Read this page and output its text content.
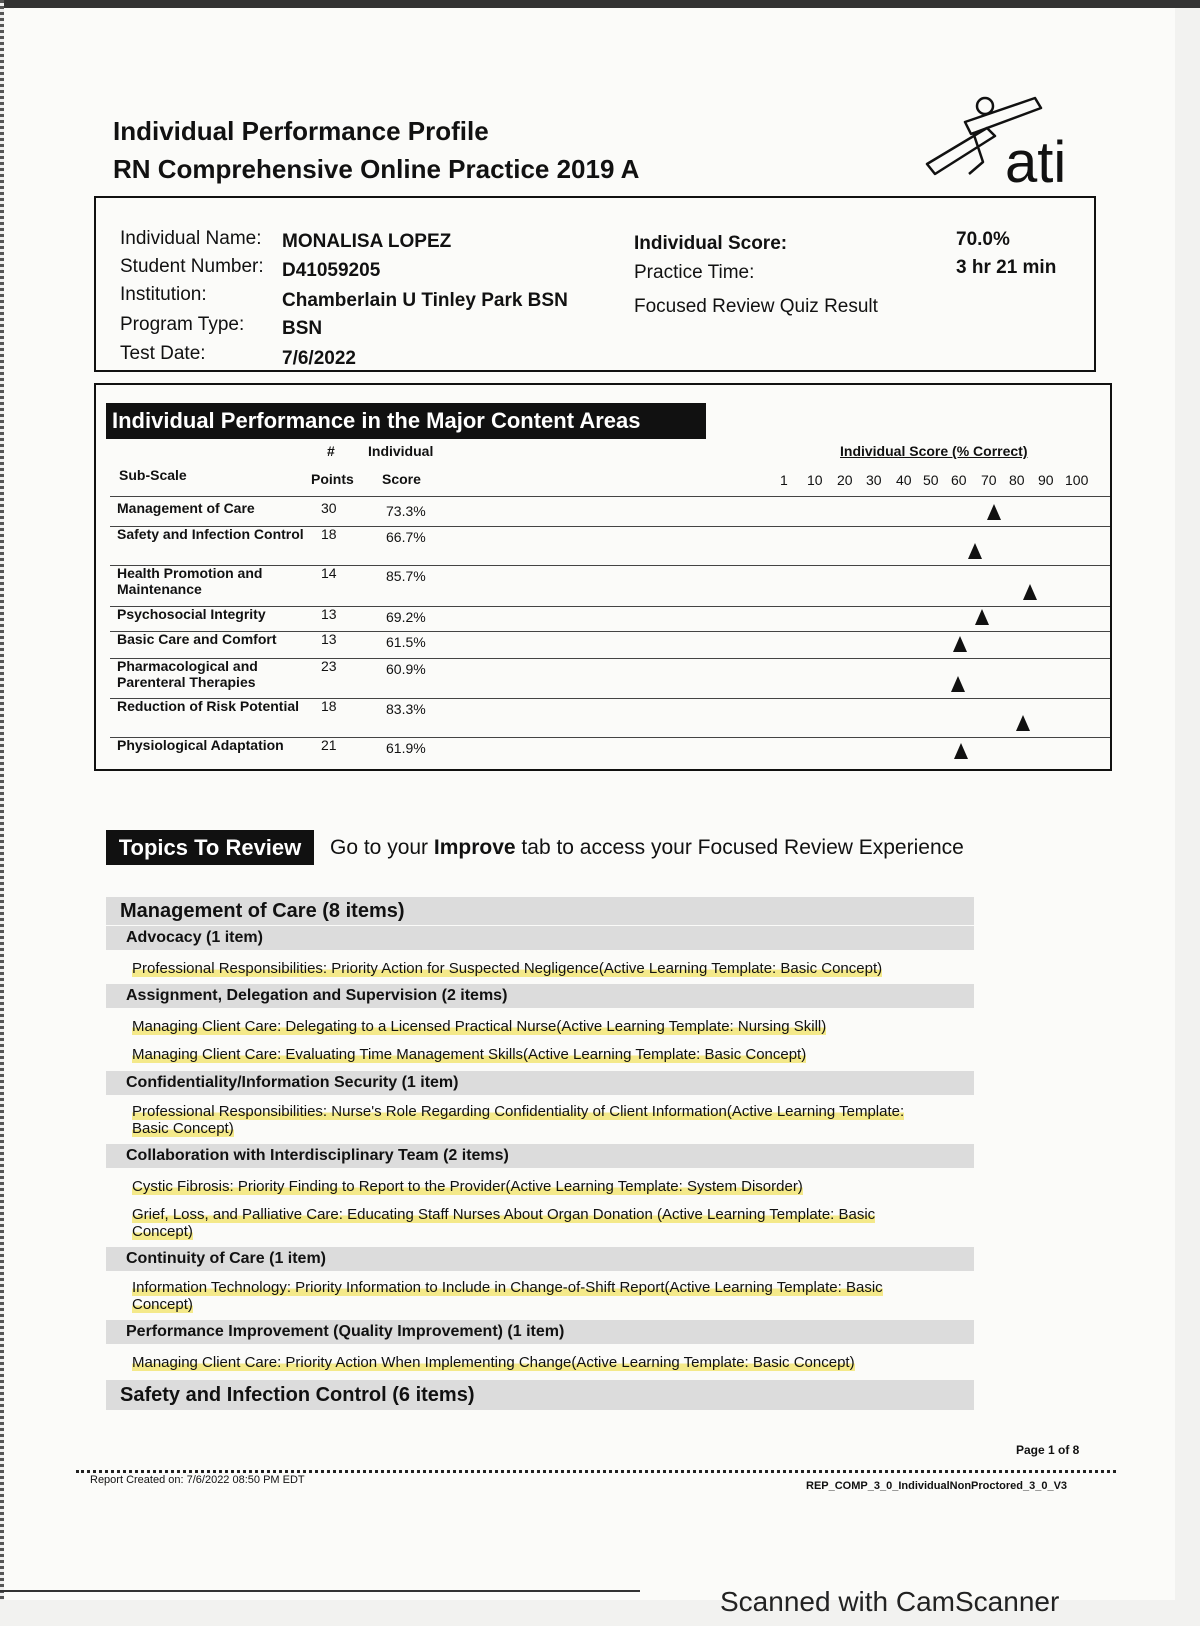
Individual Performance Profile
RN Comprehensive Online Practice 2019 A	ati
Individual Name: MONALISA LOPEZ
Student Number: D41059205
Institution:	Chamberlain U Tinley Park BSN
Program Type: BSN
Test Date:	7/6/2022
Individual Score:	70.0%
Practice Time:	3 hr 21 min
Focused Review Quiz Result
Individual Performance in the Major Content Areas
# Individual
Sub-Scale	Points Score
Individual Score (% Correct)
1 10 20 30 40 50 60 70 80 90 100
Management of Care	30	73.3%
Safety and Infection Control 18	66.7%
Health Promotion and Maintenance
14	85.7%
Psychosocial Integrity	13	69.2%
Basic Care and Comfort	13	61.5%
Pharmacological and Parenteral Therapies
23	60.9%
Reduction of Risk Potential	18	83.3%
Physiological Adaptation	21	61.9%
Topics To Review	Go to your Improve tab to access your Focused Review Experience
Management of Care (8 items)
Advocacy (1 item)
Professional Responsibilities: Priority Action for Suspected Negligence(Active Learning Template: Basic Concept)
Assignment, Delegation and Supervision (2 items)
Managing Client Care: Delegating to a Licensed Practical Nurse(Active Learning Template: Nursing Skill)
Managing Client Care: Evaluating Time Management Skills(Active Learning Template: Basic Concept)
Confidentiality/Information Security (1 item)
Professional Responsibilities: Nurse's Role Regarding Confidentiality of Client Information(Active Learning Template: Basic Concept)
Collaboration with Interdisciplinary Team (2 items)
Cystic Fibrosis: Priority Finding to Report to the Provider(Active Learning Template: System Disorder)
Grief, Loss, and Palliative Care: Educating Staff Nurses About Organ Donation (Active Learning Template: Basic Concept)
Continuity of Care (1 item)
Information Technology: Priority Information to Include in Change-of-Shift Report(Active Learning Template: Basic Concept)
Performance Improvement (Quality Improvement) (1 item)
Managing Client Care: Priority Action When Implementing Change(Active Learning Template: Basic Concept)
Safety and Infection Control (6 items)
Page 1 of 8
Report Created on: 7/6/2022 08:50 PM EDT	REP_COMP_3_0_IndividualNonProctored_3_0_V3
Scanned with CamScanner
